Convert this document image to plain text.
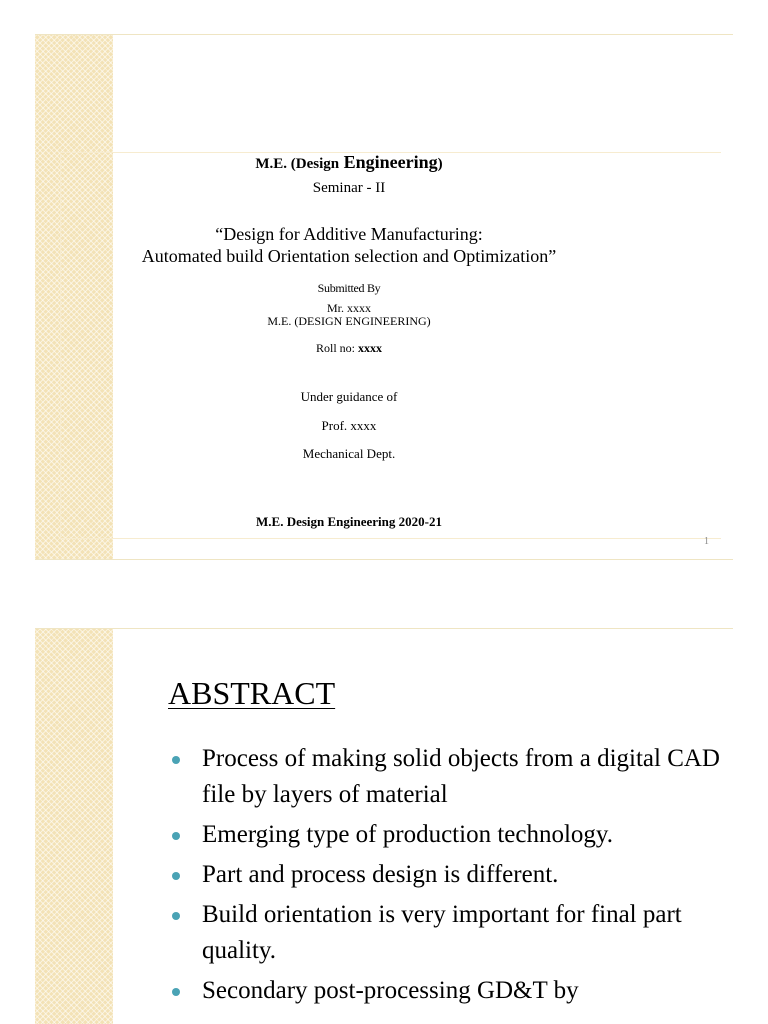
M.E. (Design Engineering)
Seminar - II
“Design for Additive Manufacturing:
Automated build Orientation selection and Optimization”
Submitted By
Mr. xxxx
M.E. (DESIGN ENGINEERING)
Roll no: xxxx
Under guidance of
Prof. xxxx
Mechanical Dept.
M.E. Design Engineering 2020-21
1
ABSTRACT
Process of making solid objects from a digital CAD file by layers of material
Emerging type of production technology.
Part and process design is different.
Build orientation is very important for final part quality.
Secondary post-processing GD&T by
